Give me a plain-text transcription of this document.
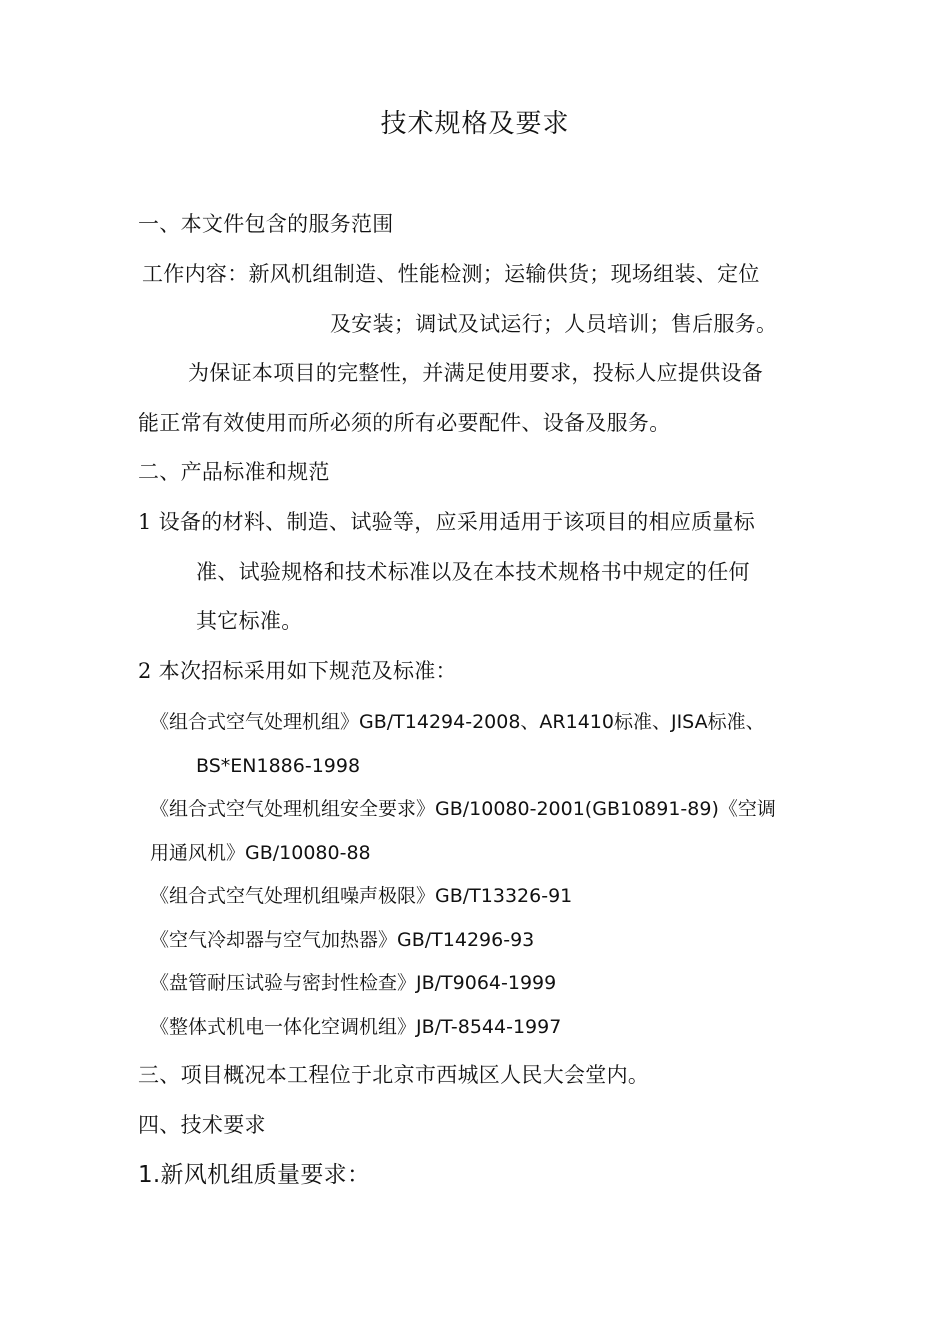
技术规格及要求
一、本文件包含的服务范围
工作内容：新风机组制造、性能检测；运输供货；现场组装、定位
及安装；调试及试运行；人员培训；售后服务。
为保证本项目的完整性，并满足使用要求，投标人应提供设备
能正常有效使用而所必须的所有必要配件、设备及服务。
二、产品标准和规范
1 设备的材料、制造、试验等，应采用适用于该项目的相应质量标
准、试验规格和技术标准以及在本技术规格书中规定的任何
其它标准。
2 本次招标采用如下规范及标准：
《组合式空气处理机组》GB/T14294-2008、AR1410标准、JISA标准、
BS*EN1886-1998
《组合式空气处理机组安全要求》GB/10080-2001(GB10891-89)《空调
用通风机》GB/10080-88
《组合式空气处理机组噪声极限》GB/T13326-91
《空气冷却器与空气加热器》GB/T14296-93
《盘管耐压试验与密封性检查》JB/T9064-1999
《整体式机电一体化空调机组》JB/T-8544-1997
三、项目概况本工程位于北京市西城区人民大会堂内。
四、技术要求
1.新风机组质量要求：
